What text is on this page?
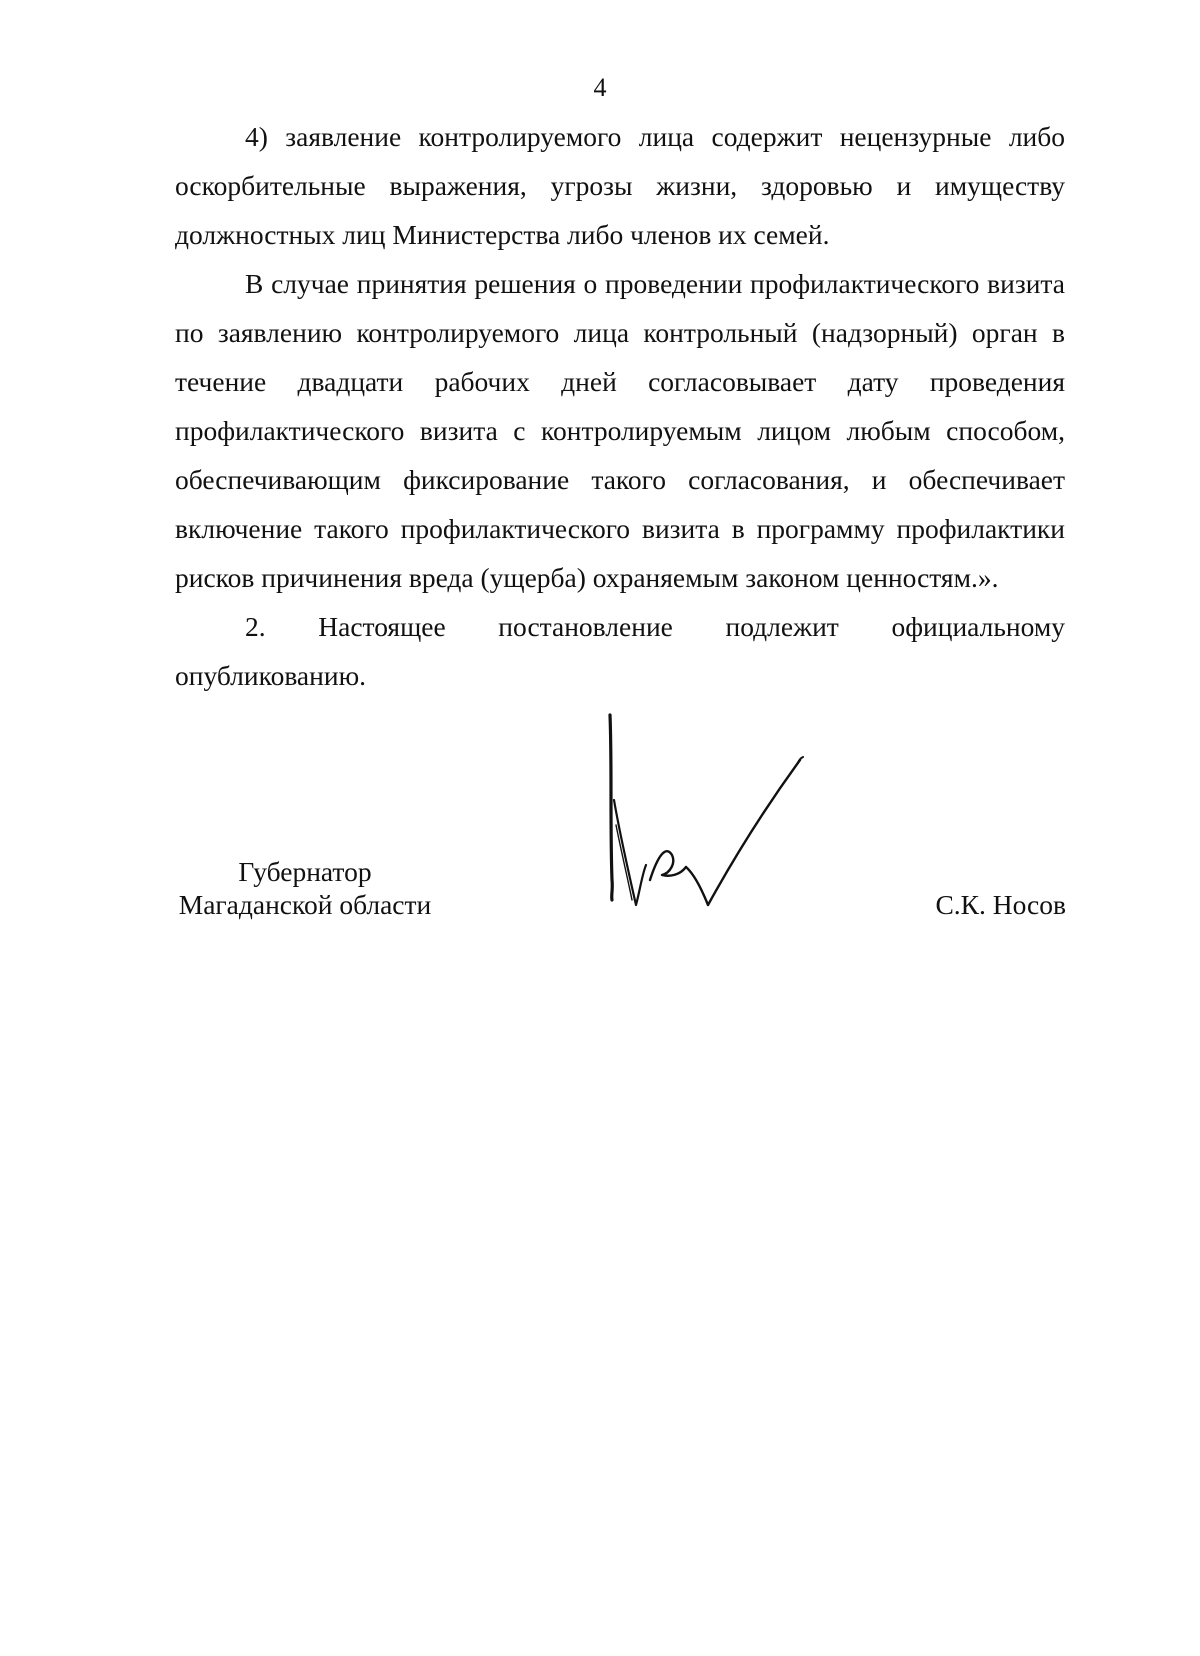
4

4) заявление контролируемого лица содержит нецензурные либо оскорбительные выражения, угрозы жизни, здоровью и имуществу должностных лиц Министерства либо членов их семей.

В случае принятия решения о проведении профилактического визита по заявлению контролируемого лица контрольный (надзорный) орган в течение двадцати рабочих дней согласовывает дату проведения профилактического визита с контролируемым лицом любым способом, обеспечивающим фиксирование такого согласования, и обеспечивает включение такого профилактического визита в программу профилактики рисков причинения вреда (ущерба) охраняемым законом ценностям.».

2. Настоящее постановление подлежит официальному опубликованию.

Губернатор
Магаданской области	С.К. Носов
